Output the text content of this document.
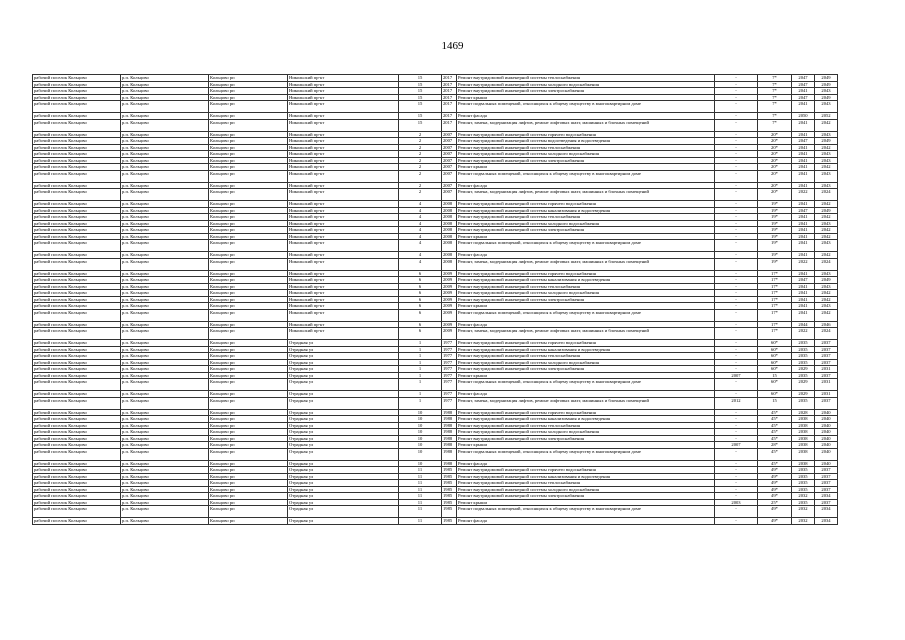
1469
рабочий поселок Кольцово	р.п. Кольцово	Кольцово рп	Никольский пр-кт	15	2017	Ремонт внутридомовой инженерной системы теплоснабжения	-	7*	2047	2049
рабочий поселок Кольцово	р.п. Кольцово	Кольцово рп	Никольский пр-кт	15	2017	Ремонт внутридомовой инженерной системы холодного водоснабжения	-	7*	2047	2049
рабочий поселок Кольцово	р.п. Кольцово	Кольцово рп	Никольский пр-кт	15	2017	Ремонт внутридомовой инженерной системы электроснабжения	-	7*	2041	2043
рабочий поселок Кольцово	р.п. Кольцово	Кольцово рп	Никольский пр-кт	15	2017	Ремонт крыши	-	7*	2047	2049
рабочий поселок Кольцово	р.п. Кольцово	Кольцово рп	Никольский пр-кт	15	2017	Ремонт подвальных помещений, относящихся к общему имуществу в многоквартирном доме	-	7*	2041	2043
рабочий поселок Кольцово	р.п. Кольцово	Кольцово рп	Никольский пр-кт	15	2017	Ремонт фасада	-	7*	2050	2052
рабочий поселок Кольцово	р.п. Кольцово	Кольцово рп	Никольский пр-кт	15	2017	Ремонт, замена, модернизация лифтов, ремонт лифтовых шахт, машинных и блочных помещений	-	7*	2041	2042
рабочий поселок Кольцово	р.п. Кольцово	Кольцово рп	Никольский пр-кт	2	2007	Ремонт внутридомовой инженерной системы горячего водоснабжения	-	20*	2041	2043
рабочий поселок Кольцово	р.п. Кольцово	Кольцово рп	Никольский пр-кт	2	2007	Ремонт внутридомовой инженерной системы водоотведения и водоотведения	-	20*	2047	2049
рабочий поселок Кольцово	р.п. Кольцово	Кольцово рп	Никольский пр-кт	2	2007	Ремонт внутридомовой инженерной системы теплоснабжения	-	20*	2041	2042
рабочий поселок Кольцово	р.п. Кольцово	Кольцово рп	Никольский пр-кт	2	2007	Ремонт внутридомовой инженерной системы холодного водоснабжения	-	20*	2041	2043
рабочий поселок Кольцово	р.п. Кольцово	Кольцово рп	Никольский пр-кт	2	2007	Ремонт внутридомовой инженерной системы электроснабжения	-	20*	2041	2043
рабочий поселок Кольцово	р.п. Кольцово	Кольцово рп	Никольский пр-кт	2	2007	Ремонт крыши	-	20*	2041	2042
рабочий поселок Кольцово	р.п. Кольцово	Кольцово рп	Никольский пр-кт	2	2007	Ремонт подвальных помещений, относящихся к общему имуществу в многоквартирном доме	-	20*	2041	2043
рабочий поселок Кольцово	р.п. Кольцово	Кольцово рп	Никольский пр-кт	2	2007	Ремонт фасада	-	20*	2041	2043
рабочий поселок Кольцово	р.п. Кольцово	Кольцово рп	Никольский пр-кт	2	2007	Ремонт, замена, модернизация лифтов, ремонт лифтовых шахт, машинных и блочных помещений	-	20*	2022	2024
рабочий поселок Кольцово	р.п. Кольцово	Кольцово рп	Никольский пр-кт	4	2008	Ремонт внутридомовой инженерной системы горячего водоснабжения	-	19*	2041	2042
рабочий поселок Кольцово	р.п. Кольцово	Кольцово рп	Никольский пр-кт	4	2008	Ремонт внутридомовой инженерной системы канализования и водоотведения	-	19*	2047	2049
рабочий поселок Кольцово	р.п. Кольцово	Кольцово рп	Никольский пр-кт	4	2008	Ремонт внутридомовой инженерной системы теплоснабжения	-	19*	2041	2042
рабочий поселок Кольцово	р.п. Кольцово	Кольцово рп	Никольский пр-кт	4	2008	Ремонт внутридомовой инженерной системы холодного водоснабжения	-	19*	2041	2043
рабочий поселок Кольцово	р.п. Кольцово	Кольцово рп	Никольский пр-кт	4	2008	Ремонт внутридомовой инженерной системы электроснабжения	-	19*	2041	2042
рабочий поселок Кольцово	р.п. Кольцово	Кольцово рп	Никольский пр-кт	4	2008	Ремонт крыши	-	19*	2041	2042
рабочий поселок Кольцово	р.п. Кольцово	Кольцово рп	Никольский пр-кт	4	2008	Ремонт подвальных помещений, относящихся к общему имуществу в многоквартирном доме	-	19*	2041	2043
рабочий поселок Кольцово	р.п. Кольцово	Кольцово рп	Никольский пр-кт	4	2008	Ремонт фасада	-	19*	2041	2042
рабочий поселок Кольцово	р.п. Кольцово	Кольцово рп	Никольский пр-кт	4	2008	Ремонт, замена, модернизация лифтов, ремонт лифтовых шахт, машинных и блочных помещений	-	19*	2022	2024
рабочий поселок Кольцово	р.п. Кольцово	Кольцово рп	Никольский пр-кт	6	2009	Ремонт внутридомовой инженерной системы горячего водоснабжения	-	17*	2041	2043
рабочий поселок Кольцово	р.п. Кольцово	Кольцово рп	Никольский пр-кт	6	2009	Ремонт внутридомовой инженерной системы канализования и водоотведения	-	17*	2047	2049
рабочий поселок Кольцово	р.п. Кольцово	Кольцово рп	Никольский пр-кт	6	2009	Ремонт внутридомовой инженерной системы теплоснабжения	-	17*	2041	2043
рабочий поселок Кольцово	р.п. Кольцово	Кольцово рп	Никольский пр-кт	6	2009	Ремонт внутридомовой инженерной системы холодного водоснабжения	-	17*	2041	2042
рабочий поселок Кольцово	р.п. Кольцово	Кольцово рп	Никольский пр-кт	6	2009	Ремонт внутридомовой инженерной системы электроснабжения	-	17*	2041	2042
рабочий поселок Кольцово	р.п. Кольцово	Кольцово рп	Никольский пр-кт	6	2009	Ремонт крыши	-	17*	2041	2043
рабочий поселок Кольцово	р.п. Кольцово	Кольцово рп	Никольский пр-кт	6	2009	Ремонт подвальных помещений, относящихся к общему имуществу в многоквартирном доме	-	17*	2041	2042
рабочий поселок Кольцово	р.п. Кольцово	Кольцово рп	Никольский пр-кт	6	2009	Ремонт фасада	-	17*	2044	2046
рабочий поселок Кольцово	р.п. Кольцово	Кольцово рп	Никольский пр-кт	6	2009	Ремонт, замена, модернизация лифтов, ремонт лифтовых шахт, машинных и блочных помещений	-	17*	2022	2024
рабочий поселок Кольцово	р.п. Кольцово	Кольцово рп	Отрадная ул	1	1977	Ремонт внутридомовой инженерной системы горячего водоснабжения	-	60*	2035	2037
рабочий поселок Кольцово	р.п. Кольцово	Кольцово рп	Отрадная ул	1	1977	Ремонт внутридомовой инженерной системы канализования и водоотведения	-	60*	2035	2037
рабочий поселок Кольцово	р.п. Кольцово	Кольцово рп	Отрадная ул	1	1977	Ремонт внутридомовой инженерной системы теплоснабжения	-	60*	2035	2037
рабочий поселок Кольцово	р.п. Кольцово	Кольцово рп	Отрадная ул	1	1977	Ремонт внутридомовой инженерной системы холодного водоснабжения	-	60*	2035	2037
рабочий поселок Кольцово	р.п. Кольцово	Кольцово рп	Отрадная ул	1	1977	Ремонт внутридомовой инженерной системы электроснабжения	-	60*	2029	2031
рабочий поселок Кольцово	р.п. Кольцово	Кольцово рп	Отрадная ул	1	1977	Ремонт крыши	2007	15	2035	2037
рабочий поселок Кольцово	р.п. Кольцово	Кольцово рп	Отрадная ул	1	1977	Ремонт подвальных помещений, относящихся к общему имуществу в многоквартирном доме	-	60*	2029	2031
рабочий поселок Кольцово	р.п. Кольцово	Кольцово рп	Отрадная ул	1	1977	Ремонт фасада	-	60*	2029	2031
рабочий поселок Кольцово	р.п. Кольцово	Кольцово рп	Отрадная ул	1	1977	Ремонт, замена, модернизация лифтов, ремонт лифтовых шахт, машинных и блочных помещений	2012	15	2035	2037
рабочий поселок Кольцово	р.п. Кольцово	Кольцово рп	Отрадная ул	10	1988	Ремонт внутридомовой инженерной системы горячего водоснабжения	-	45*	2028	2040
рабочий поселок Кольцово	р.п. Кольцово	Кольцово рп	Отрадная ул	10	1988	Ремонт внутридомовой инженерной системы канализования и водоотведения	-	45*	2038	2040
рабочий поселок Кольцово	р.п. Кольцово	Кольцово рп	Отрадная ул	10	1988	Ремонт внутридомовой инженерной системы теплоснабжения	-	45*	2038	2040
рабочий поселок Кольцово	р.п. Кольцово	Кольцово рп	Отрадная ул	10	1988	Ремонт внутридомовой инженерной системы холодного водоснабжения	-	45*	2038	2040
рабочий поселок Кольцово	р.п. Кольцово	Кольцово рп	Отрадная ул	10	1988	Ремонт внутридомовой инженерной системы электроснабжения	-	45*	2038	2040
рабочий поселок Кольцово	р.п. Кольцово	Кольцово рп	Отрадная ул	10	1988	Ремонт крыши	2007	28*	2038	2040
рабочий поселок Кольцово	р.п. Кольцово	Кольцово рп	Отрадная ул	10	1988	Ремонт подвальных помещений, относящихся к общему имуществу в многоквартирном доме	-	45*	2038	2040
рабочий поселок Кольцово	р.п. Кольцово	Кольцово рп	Отрадная ул	10	1988	Ремонт фасада	-	45*	2038	2040
рабочий поселок Кольцово	р.п. Кольцово	Кольцово рп	Отрадная ул	11	1985	Ремонт внутридомовой инженерной системы горячего водоснабжения	-	49*	2035	2037
рабочий поселок Кольцово	р.п. Кольцово	Кольцово рп	Отрадная ул	11	1985	Ремонт внутридомовой инженерной системы канализования и водоотведения	-	49*	2035	2037
рабочий поселок Кольцово	р.п. Кольцово	Кольцово рп	Отрадная ул	11	1985	Ремонт внутридомовой инженерной системы теплоснабжения	-	49*	2035	2037
рабочий поселок Кольцово	р.п. Кольцово	Кольцово рп	Отрадная ул	11	1985	Ремонт внутридомовой инженерной системы холодного водоснабжения	-	49*	2035	2037
рабочий поселок Кольцово	р.п. Кольцово	Кольцово рп	Отрадная ул	11	1985	Ремонт внутридомовой инженерной системы электроснабжения	-	49*	2032	2034
рабочий поселок Кольцово	р.п. Кольцово	Кольцово рп	Отрадная ул	11	1985	Ремонт крыши	2003	25*	2035	2037
рабочий поселок Кольцово	р.п. Кольцово	Кольцово рп	Отрадная ул	11	1985	Ремонт подвальных помещений, относящихся к общему имуществу в многоквартирном доме	-	49*	2032	2034
рабочий поселок Кольцово	р.п. Кольцово	Кольцово рп	Отрадная ул	11	1985	Ремонт фасада	-	49*	2032	2034
